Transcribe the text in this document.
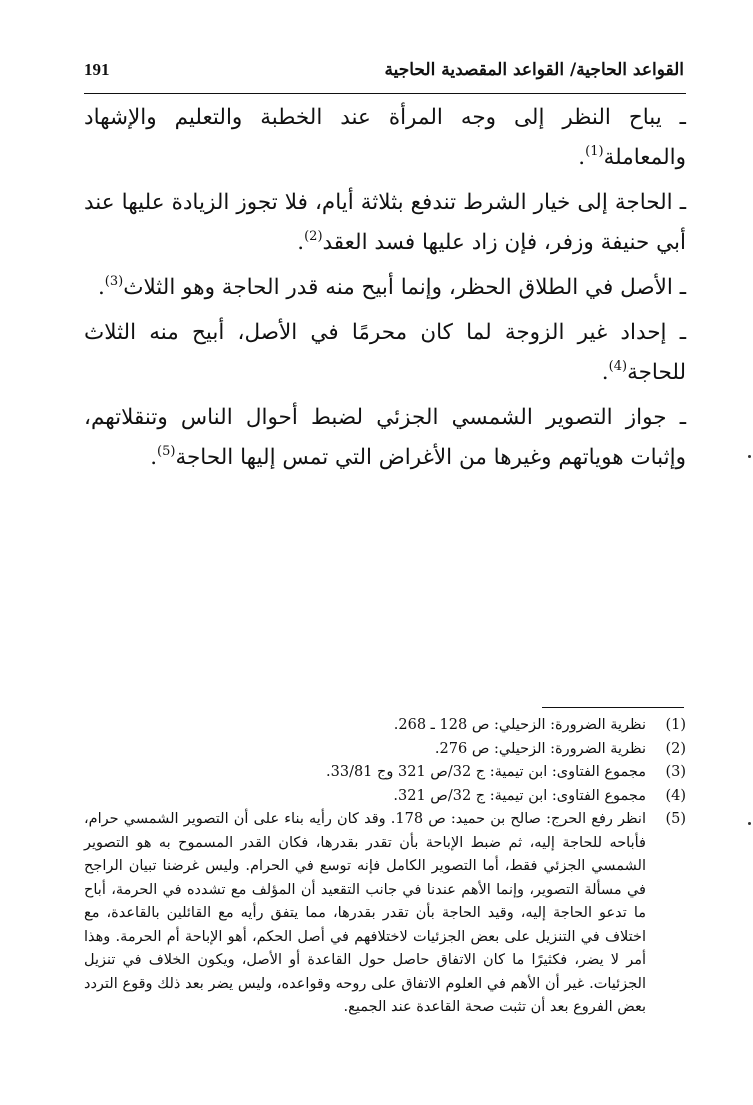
القواعد الحاجية/ القواعد المقصدية الحاجية
191

ـ يباح النظر إلى وجه المرأة عند الخطبة والتعليم والإشهاد والمعاملة$^{(1)}$.

ـ الحاجة إلى خيار الشرط تندفع بثلاثة أيام، فلا تجوز الزيادة عليها عند أبي حنيفة وزفر، فإن زاد عليها فسد العقد$^{(2)}$.

ـ الأصل في الطلاق الحظر، وإنما أبيح منه قدر الحاجة وهو الثلاث$^{(3)}$.

ـ إحداد غير الزوجة لما كان محرمًا في الأصل، أبيح منه الثلاث للحاجة$^{(4)}$.

ـ جواز التصوير الشمسي الجزئي لضبط أحوال الناس وتنقلاتهم، وإثبات هوياتهم وغيرها من الأغراض التي تمس إليها الحاجة$^{(5)}$.

(1)
نظرية الضرورة: الزحيلي: ص 128 ـ 268.
(2)
نظرية الضرورة: الزحيلي: ص 276.
(3)
مجموع الفتاوى: ابن تيمية: ج 32/ص 321 وج 33/81.
(4)
مجموع الفتاوى: ابن تيمية: ج 32/ص 321.
(5)
انظر رفع الحرج: صالح بن حميد: ص 178. وقد كان رأيه بناء على أن التصوير الشمسي حرام، فأباحه للحاجة إليه، ثم ضبط الإباحة بأن تقدر بقدرها، فكان القدر المسموح به هو التصوير الشمسي الجزئي فقط، أما التصوير الكامل فإنه توسع في الحرام. وليس غرضنا تبيان الراجح في مسألة التصوير، وإنما الأهم عندنا في جانب التقعيد أن المؤلف مع تشدده في الحرمة، أباح ما تدعو الحاجة إليه، وقيد الحاجة بأن تقدر بقدرها، مما يتفق رأيه مع القائلين بالقاعدة، مع اختلاف في التنزيل على بعض الجزئيات لاختلافهم في أصل الحكم، أهو الإباحة أم الحرمة. وهذا أمر لا يضر، فكثيرًا ما كان الاتفاق حاصل حول القاعدة أو الأصل، ويكون الخلاف في تنزيل الجزئيات. غير أن الأهم في العلوم الاتفاق على روحه وقواعده، وليس يضر بعد ذلك وقوع التردد بعض الفروع بعد أن تثبت صحة القاعدة عند الجميع.
